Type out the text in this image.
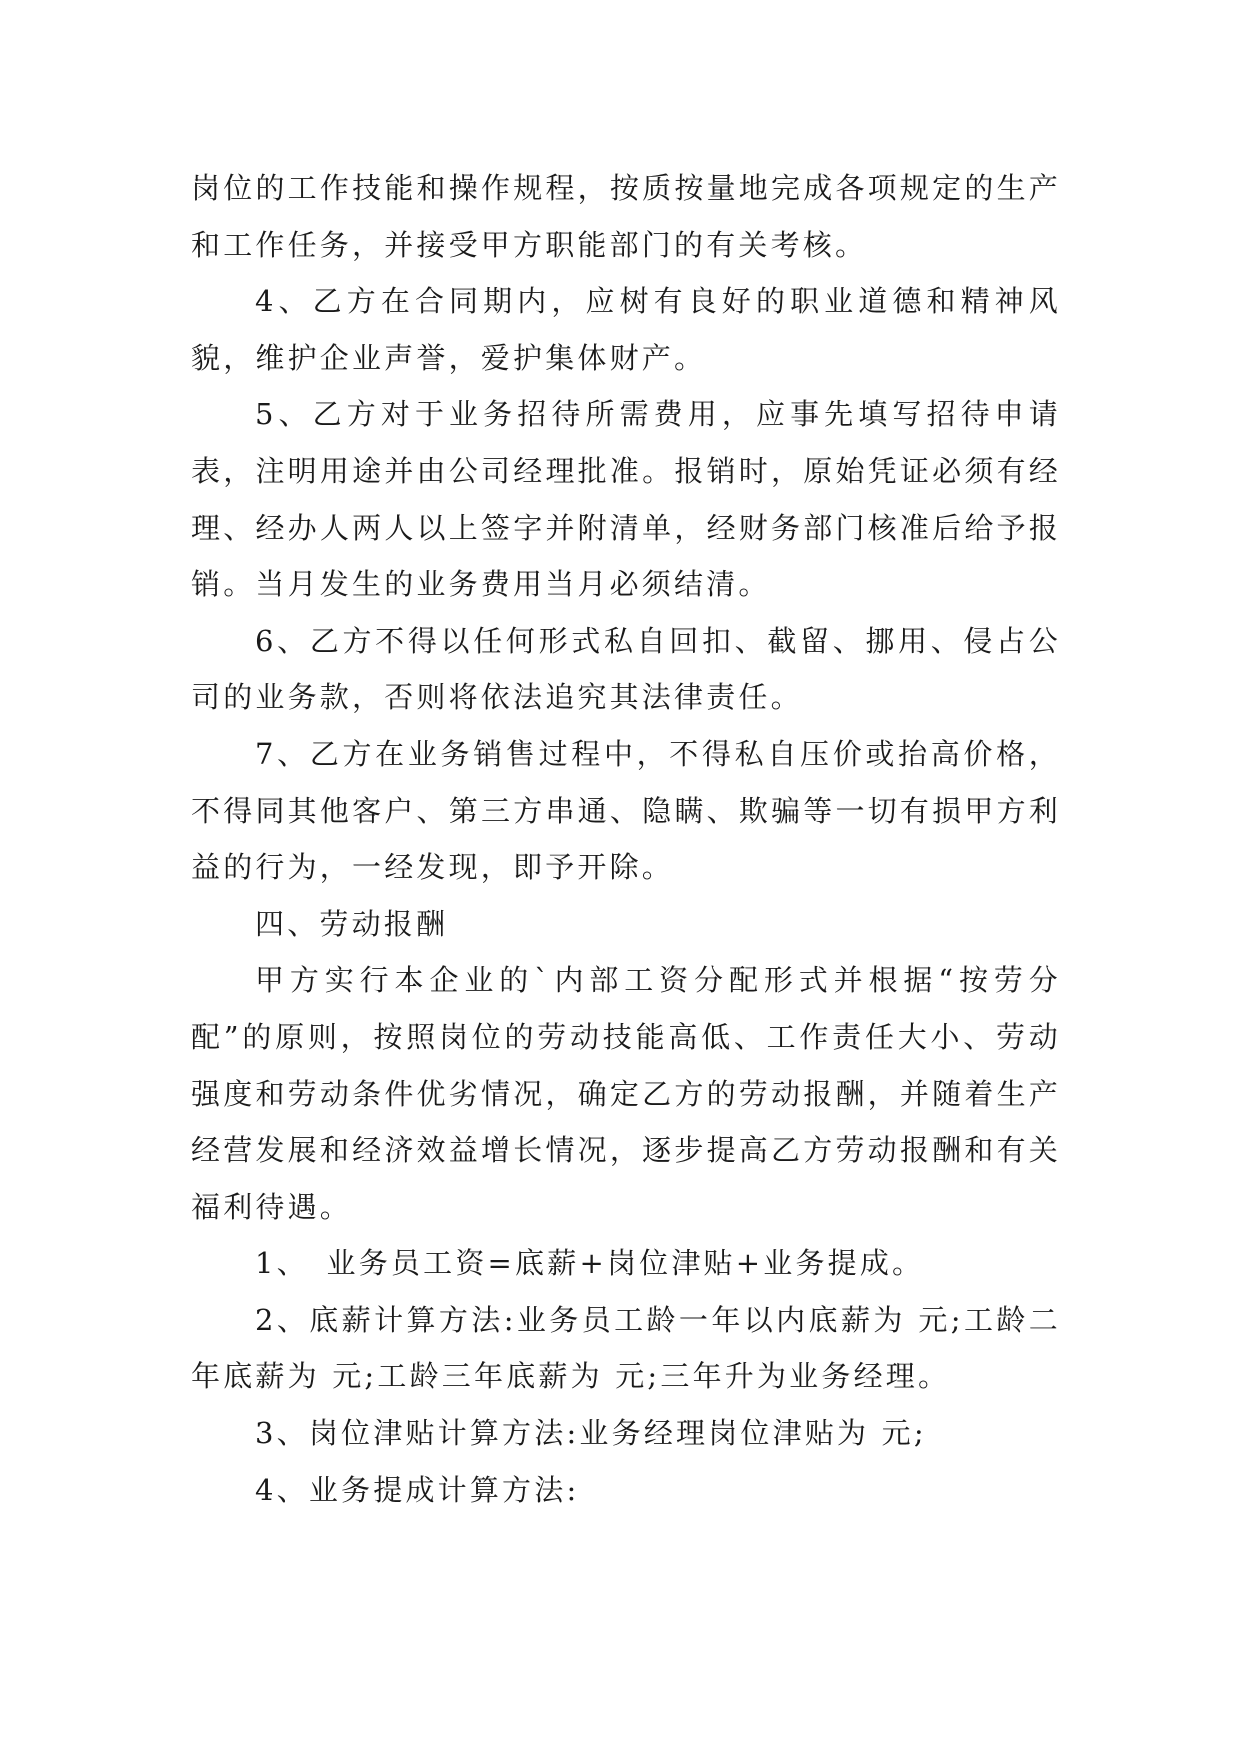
岗位的工作技能和操作规程，按质按量地完成各项规定的生产和工作任务，并接受甲方职能部门的有关考核。

4、乙方在合同期内，应树有良好的职业道德和精神风貌，维护企业声誉，爱护集体财产。

5、乙方对于业务招待所需费用，应事先填写招待申请表，注明用途并由公司经理批准。报销时，原始凭证必须有经理、经办人两人以上签字并附清单，经财务部门核准后给予报销。当月发生的业务费用当月必须结清。

6、乙方不得以任何形式私自回扣、截留、挪用、侵占公司的业务款，否则将依法追究其法律责任。

7、乙方在业务销售过程中，不得私自压价或抬高价格，不得同其他客户、第三方串通、隐瞒、欺骗等一切有损甲方利益的行为，一经发现，即予开除。

四、劳动报酬

甲方实行本企业的`内部工资分配形式并根据“按劳分配”的原则，按照岗位的劳动技能高低、工作责任大小、劳动强度和劳动条件优劣情况，确定乙方的劳动报酬，并随着生产经营发展和经济效益增长情况，逐步提高乙方劳动报酬和有关福利待遇。

1、　业务员工资=底薪+岗位津贴+业务提成。

2、底薪计算方法:业务员工龄一年以内底薪为 元;工龄二年底薪为 元;工龄三年底薪为 元;三年升为业务经理。

3、岗位津贴计算方法:业务经理岗位津贴为 元;

4、业务提成计算方法:
